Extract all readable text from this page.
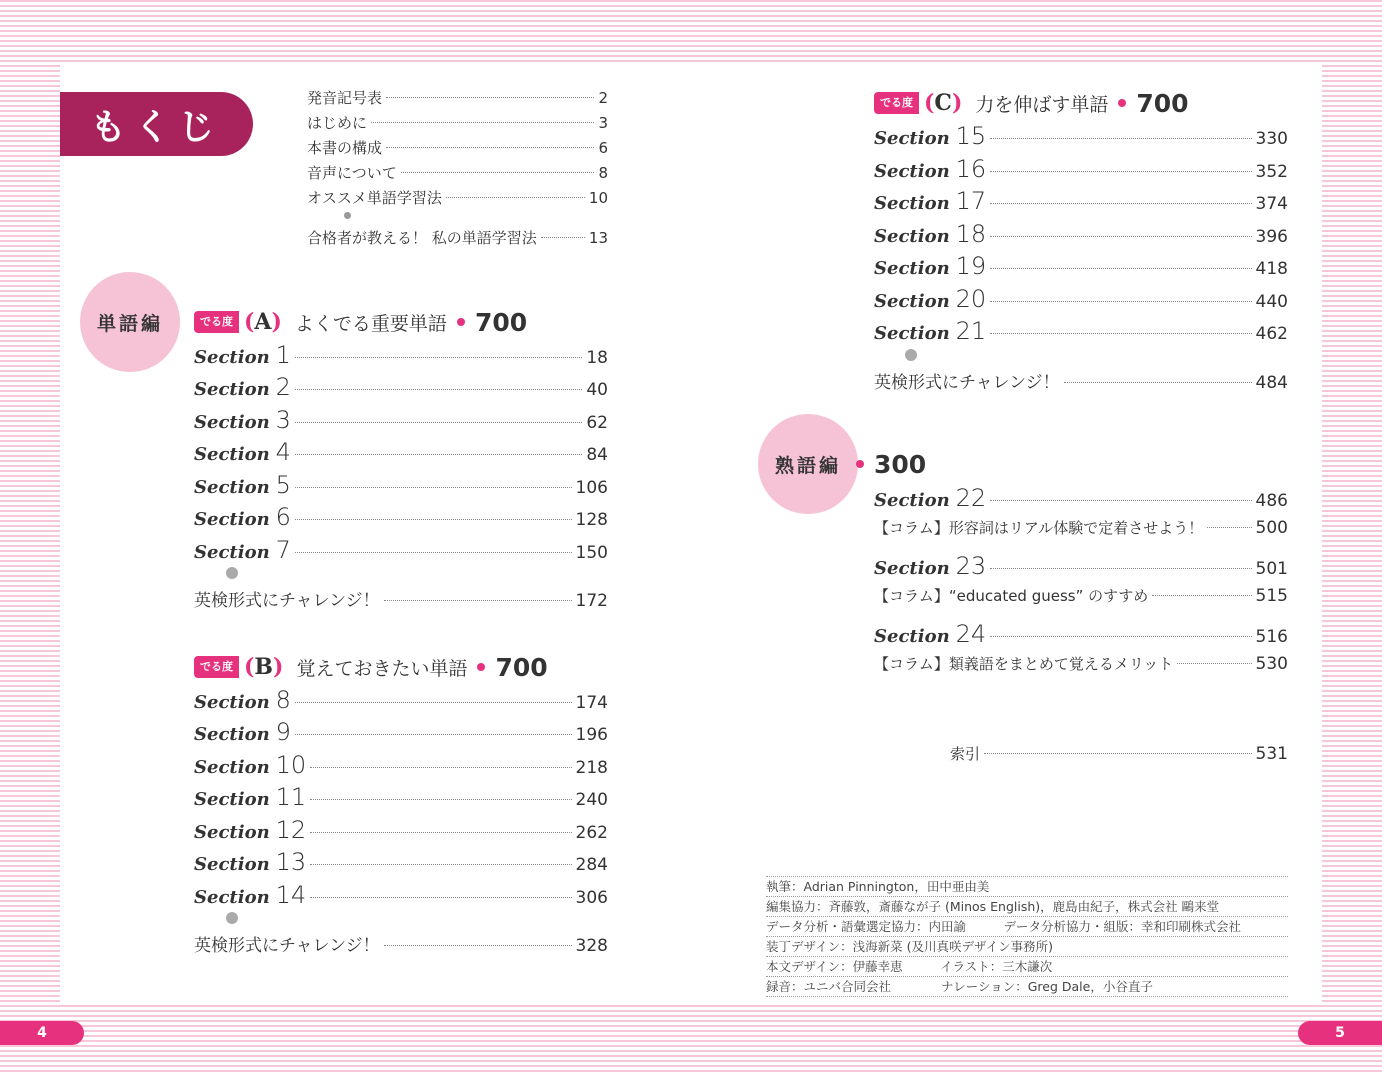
もくじ
発音記号表	2
はじめに	3
本書の構成	6
音声について	8
オススメ単語学習法	10
合格者が教える！ 私の単語学習法	13
単語編	でる度 ( A )	よくでる重要単語 700
Section 1	18
Section 2	40
Section 3	62
Section 4	84
Section 5	106
Section 6	128
Section 7	150
英検形式にチャレンジ！	172
でる度 ( B )	覚えておきたい単語 700
Section 8	174
Section 9	196
Section 10	218
Section 11	240
Section 12	262
Section 13	284
Section 14	306
英検形式にチャレンジ！	328
でる度 ( C )	力を伸ばす単語 700
Section 15	330
Section 16	352
Section 17	374
Section 18	396
Section 19	418
Section 20	440
Section 21	462
英検形式にチャレンジ！	484
熟語編	300
Section 22	486
【コラム】形容詞はリアル体験で定着させよう！	500
Section 23	501
【コラム】“educated guess” のすすめ	515
Section 24	516
【コラム】類義語をまとめて覚えるメリット	530
索引	531
執筆：Adrian Pinnington，田中亜由美
編集協力：斉藤敦，斎藤なが子 (Minos English)，鹿島由紀子，株式会社 鷗来堂
データ分析・語彙選定協力：内田諭　　　データ分析協力・組版：幸和印刷株式会社
装丁デザイン：浅海新菜 (及川真咲デザイン事務所)
本文デザイン：伊藤幸恵　　　イラスト：三木謙次
録音：ユニバ合同会社　　　　ナレーション：Greg Dale，小谷直子
4	5
